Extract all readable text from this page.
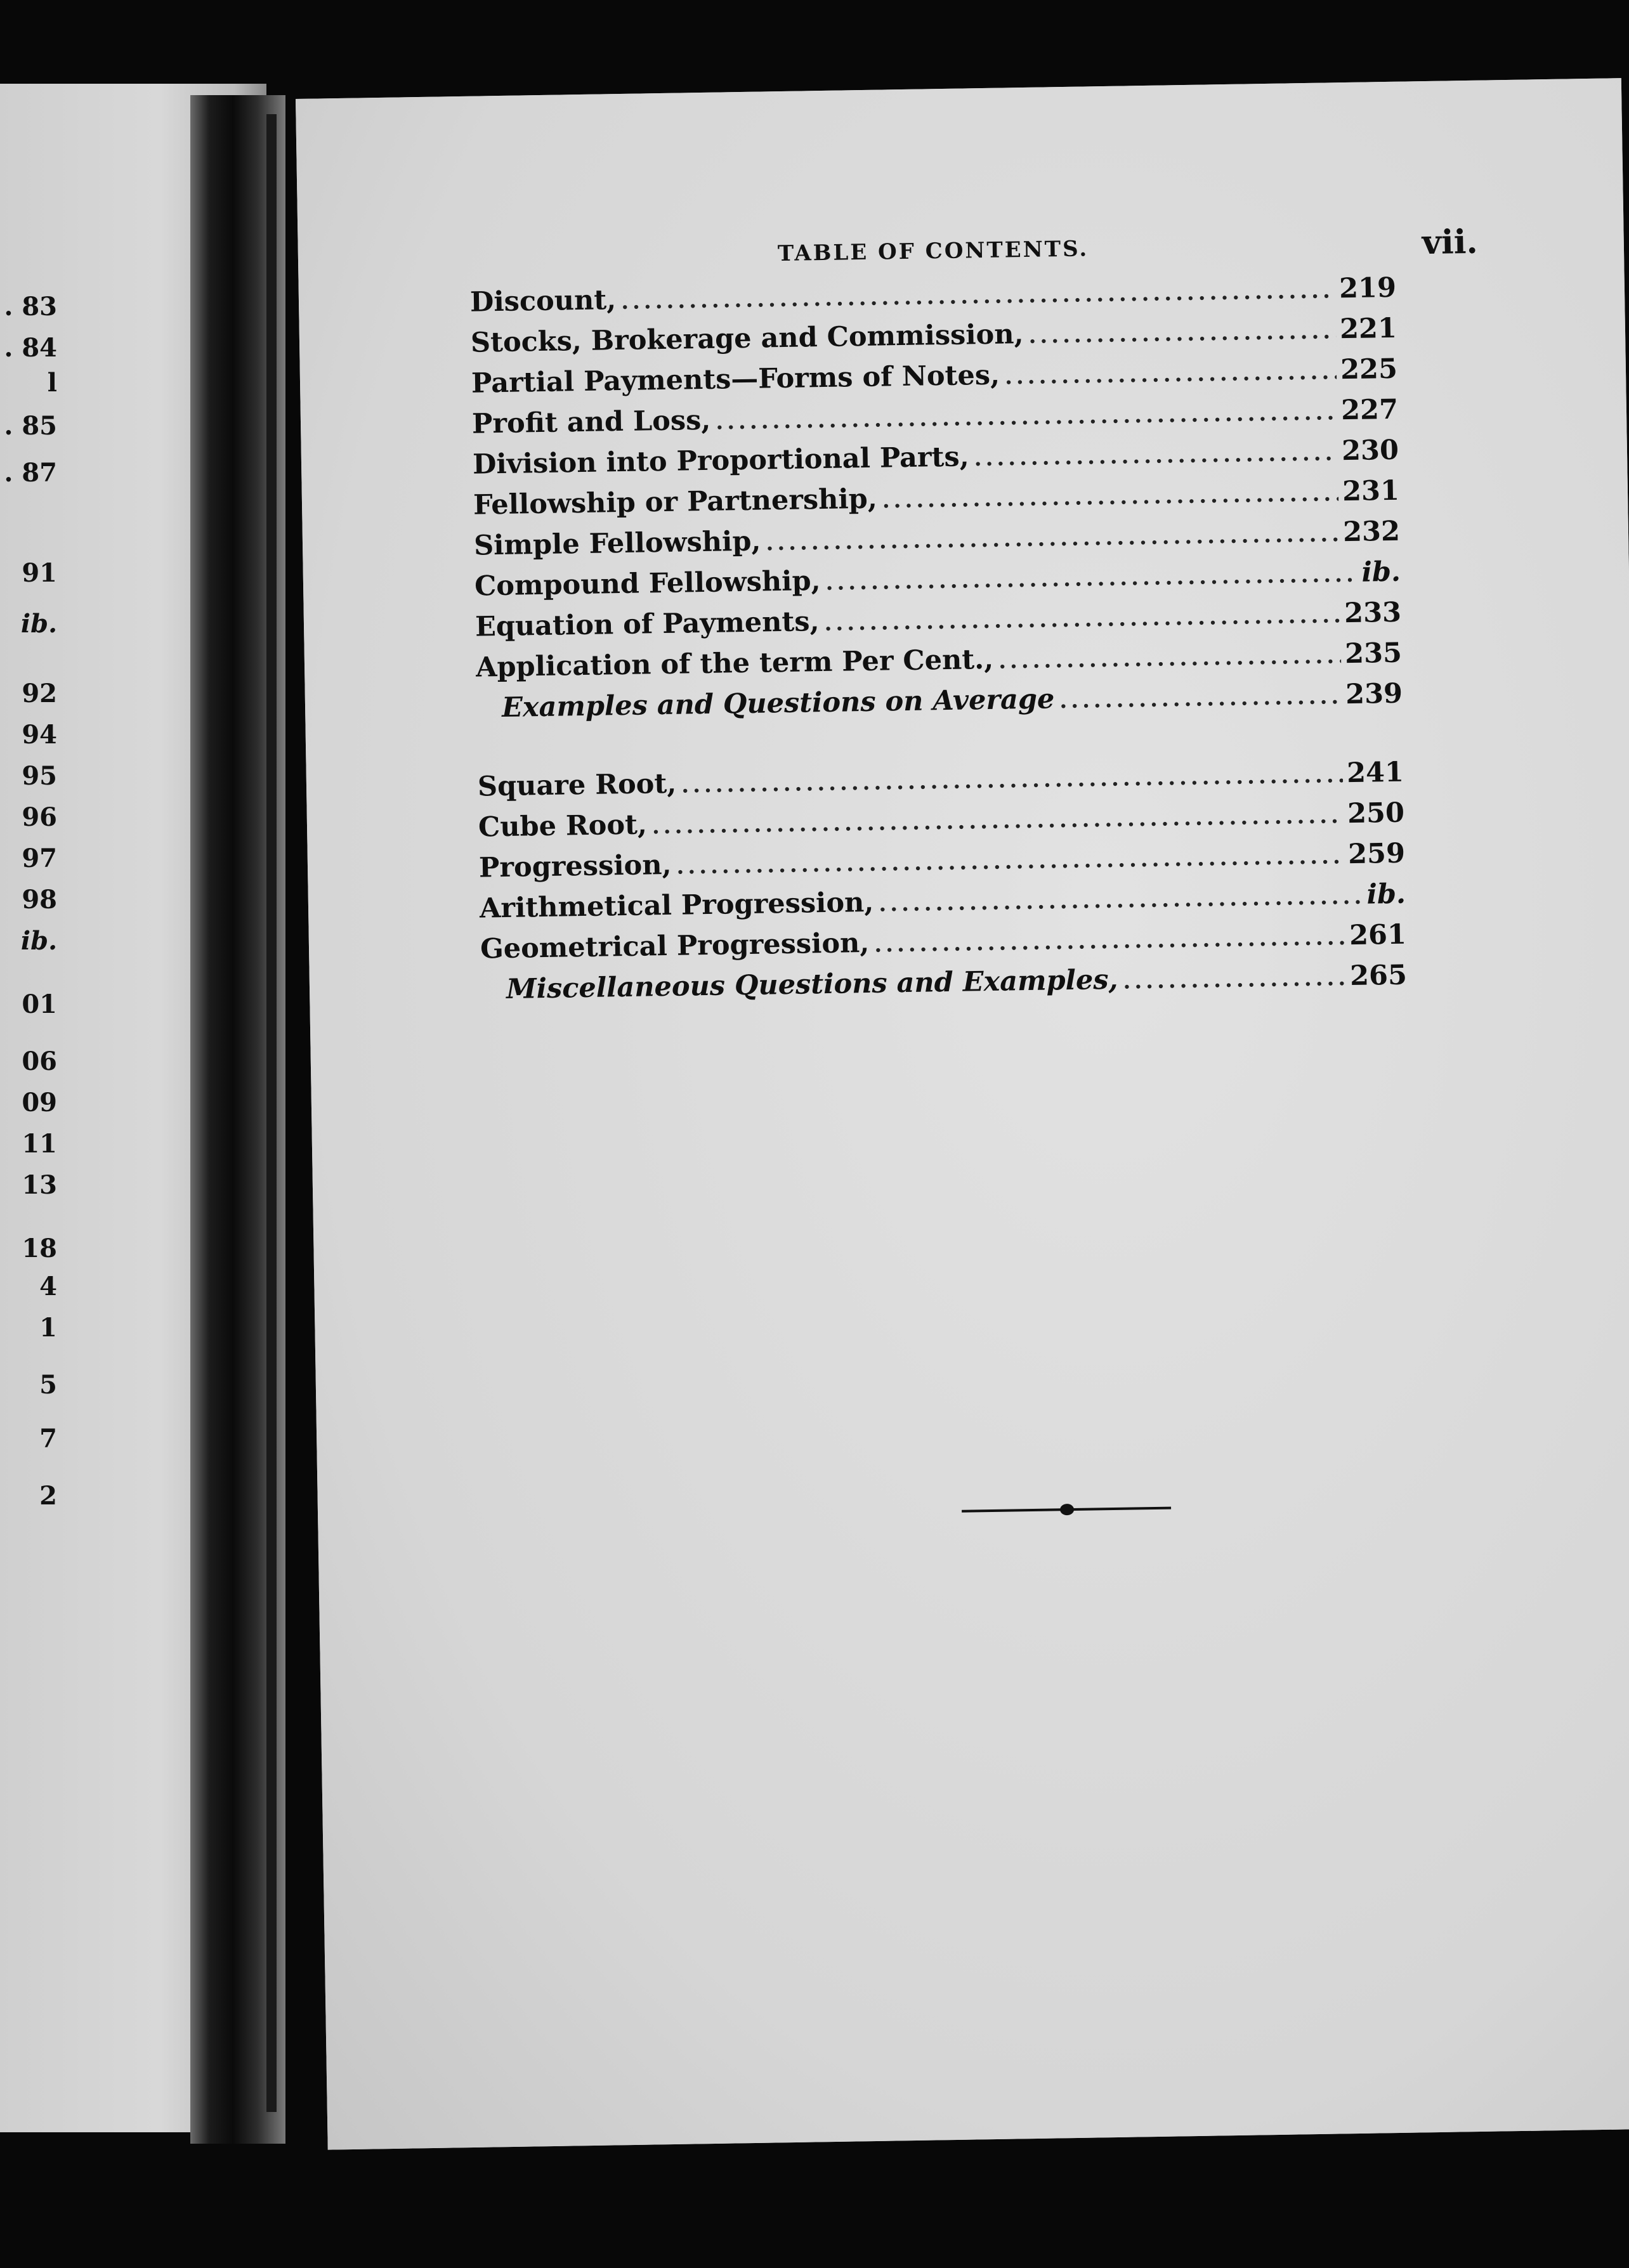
. 83
. 84
l
. 85
. 87
91
ib.
92
94
95
96
97
98
ib.
01
06
09
11
13
18
4
1
5
7
2
TABLE OF CONTENTS.	vii.
Discount, .....	219
Stocks, Brokerage and Commission, .....	221
Partial Payments—Forms of Notes, .....	225
Profit and Loss, .....	227
Division into Proportional Parts, .....	230
Fellowship or Partnership, .....	231
Simple Fellowship, .....	232
Compound Fellowship, .....	ib.
Equation of Payments, .....	233
Application of the term Per Cent., .....	235
Examples and Questions on Average .....	239
Square Root, .....	241
Cube Root, .....	250
Progression, .....	259
Arithmetical Progression, .....	ib.
Geometrical Progression, .....	261
Miscellaneous Questions and Examples, .....	265
